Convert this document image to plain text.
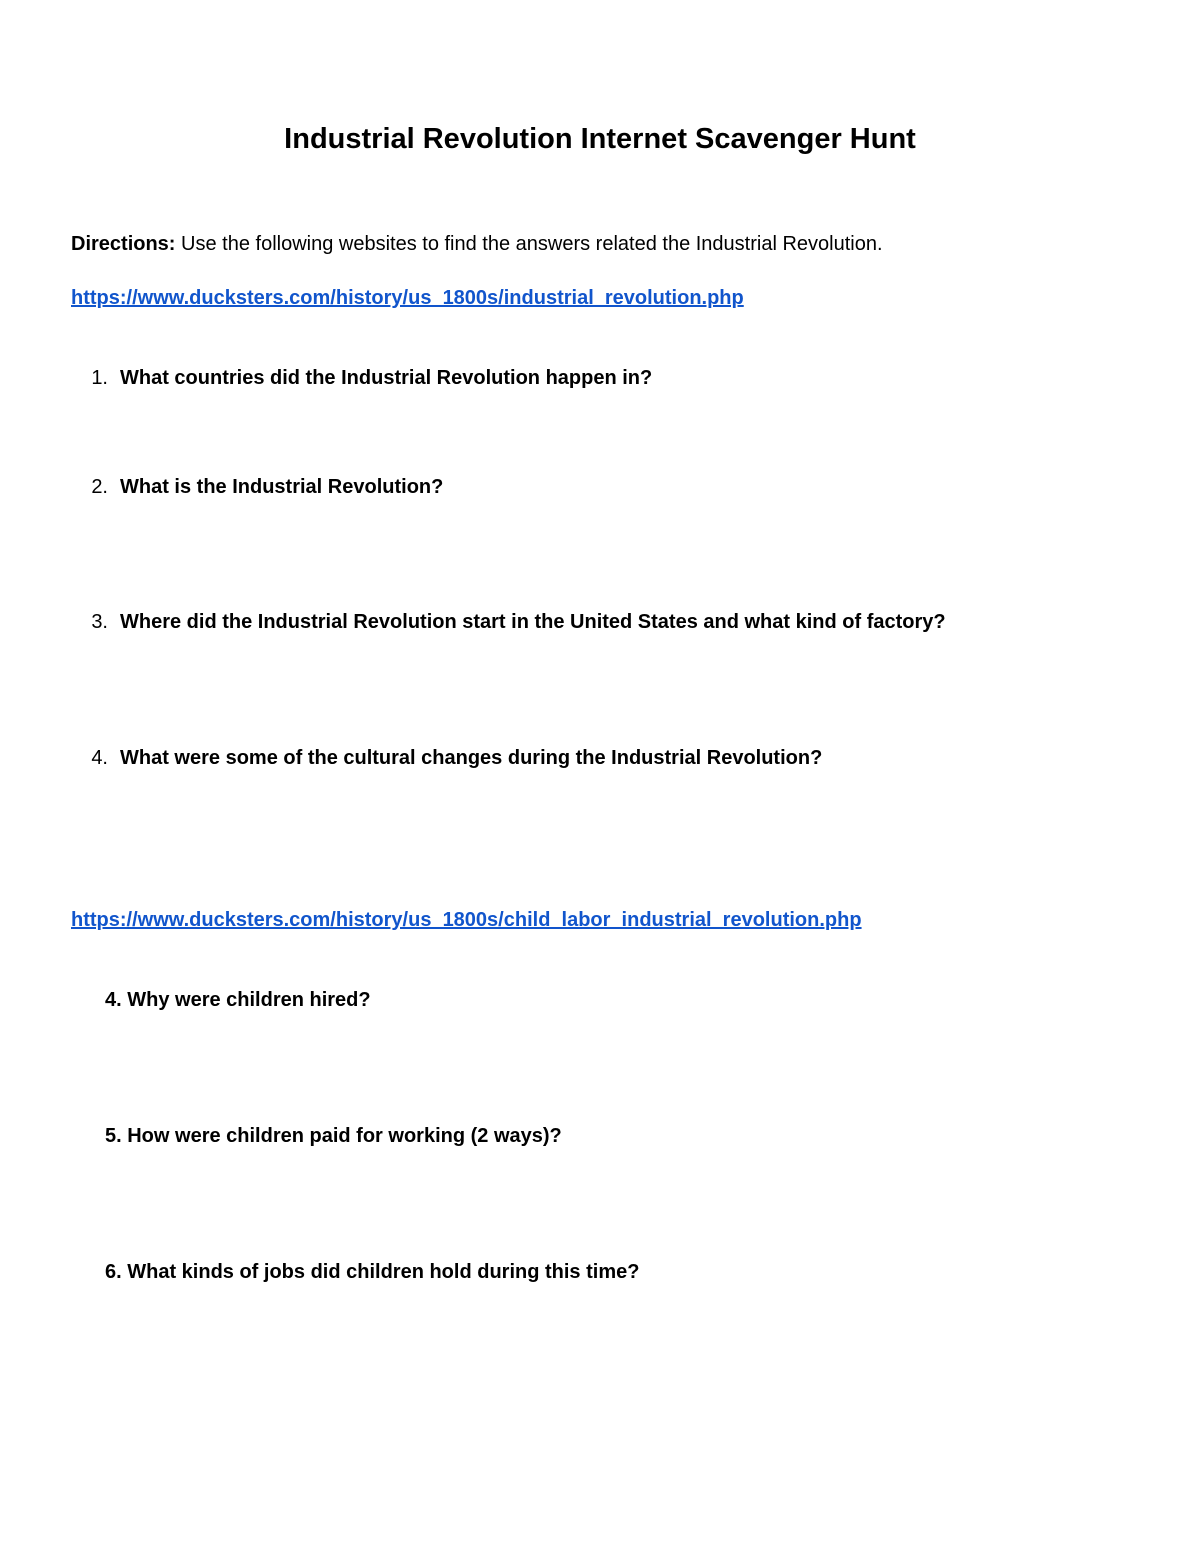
Industrial Revolution Internet Scavenger Hunt

Directions: Use the following websites to find the answers related the Industrial Revolution.

https://www.ducksters.com/history/us_1800s/industrial_revolution.php

1. What countries did the Industrial Revolution happen in?

2. What is the Industrial Revolution?

3. Where did the Industrial Revolution start in the United States and what kind of factory?

4. What were some of the cultural changes during the Industrial Revolution?

https://www.ducksters.com/history/us_1800s/child_labor_industrial_revolution.php

4. Why were children hired?

5. How were children paid for working (2 ways)?

6. What kinds of jobs did children hold during this time?
